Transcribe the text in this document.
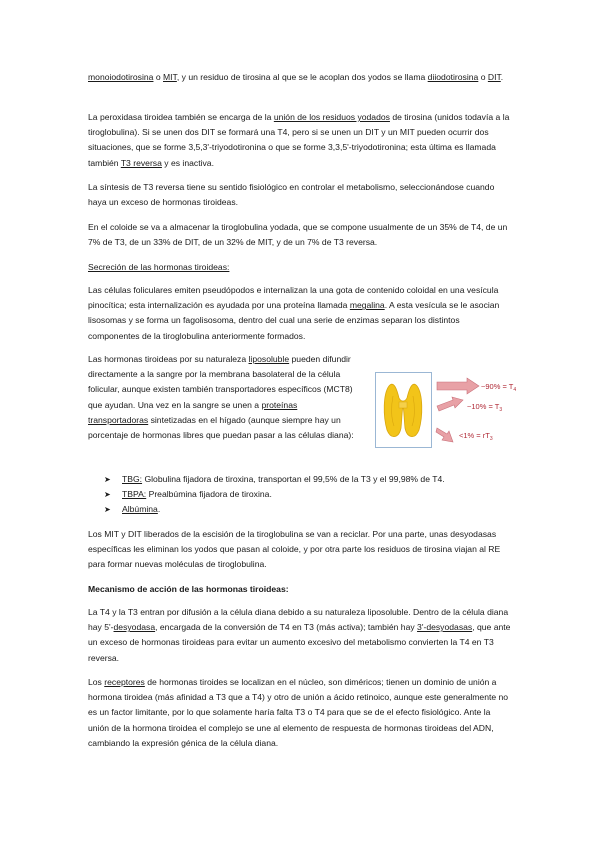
monoiodotirosina o MIT, y un residuo de tirosina al que se le acoplan dos yodos se llama diiodotirosina o DIT.

La peroxidasa tiroidea también se encarga de la unión de los residuos yodados de tirosina (unidos todavía a la tiroglobulina). Si se unen dos DIT se formará una T4, pero si se unen un DIT y un MIT pueden ocurrir dos situaciones, que se forme 3,5,3'-triyodotironina o que se forme 3,3,5'-triyodotironina; esta última es llamada también T3 reversa y es inactiva.

La síntesis de T3 reversa tiene su sentido fisiológico en controlar el metabolismo, seleccionándose cuando haya un exceso de hormonas tiroideas.

En el coloide se va a almacenar la tiroglobulina yodada, que se compone usualmente de un 35% de T4, de un 7% de T3, de un 33% de DIT, de un 32% de MIT, y de un 7% de T3 reversa.

Secreción de las hormonas tiroideas:

Las células foliculares emiten pseudópodos e internalizan la una gota de contenido coloidal en una vesícula pinocítica; esta internalización es ayudada por una proteína llamada megalina. A esta vesícula se le asocian lisosomas y se forma un fagolisosoma, dentro del cual una serie de enzimas separan los distintos componentes de la tiroglobulina anteriormente formados.

Las hormonas tiroideas por su naturaleza liposoluble pueden difundir directamente a la sangre por la membrana basolateral de la célula folicular, aunque existen también transportadores específicos (MCT8) que ayudan. Una vez en la sangre se unen a proteínas transportadoras sintetizadas en el hígado (aunque siempre hay un porcentaje de hormonas libres que puedan pasar a las células diana):

~90% = $T_4$
~10% = $T_3$
$<1\% = rT_3$
➤ TBG: Globulina fijadora de tiroxina, transportan el 99,5% de la T3 y el 99,98% de T4.
➤ TBPA: Prealbúmina fijadora de tiroxina.
➤ Albúmina.

Los MIT y DIT liberados de la escisión de la tiroglobulina se van a reciclar. Por una parte, unas desyodasas específicas les eliminan los yodos que pasan al coloide, y por otra parte los residuos de tirosina viajan al RE para formar nuevas moléculas de tiroglobulina.

Mecanismo de acción de las hormonas tiroideas:

La T4 y la T3 entran por difusión a la célula diana debido a su naturaleza liposoluble. Dentro de la célula diana hay 5'-desyodasa, encargada de la conversión de T4 en T3 (más activa); también hay 3'-desyodasas, que ante un exceso de hormonas tiroideas para evitar un aumento excesivo del metabolismo convierten la T4 en T3 reversa.

Los receptores de hormonas tiroides se localizan en el núcleo, son diméricos; tienen un dominio de unión a hormona tiroidea (más afinidad a T3 que a T4) y otro de unión a ácido retinoico, aunque este generalmente no es un factor limitante, por lo que solamente haría falta T3 o T4 para que se de el efecto fisiológico. Ante la unión de la hormona tiroidea el complejo se une al elemento de respuesta de hormonas tiroideas del ADN, cambiando la expresión génica de la célula diana.
